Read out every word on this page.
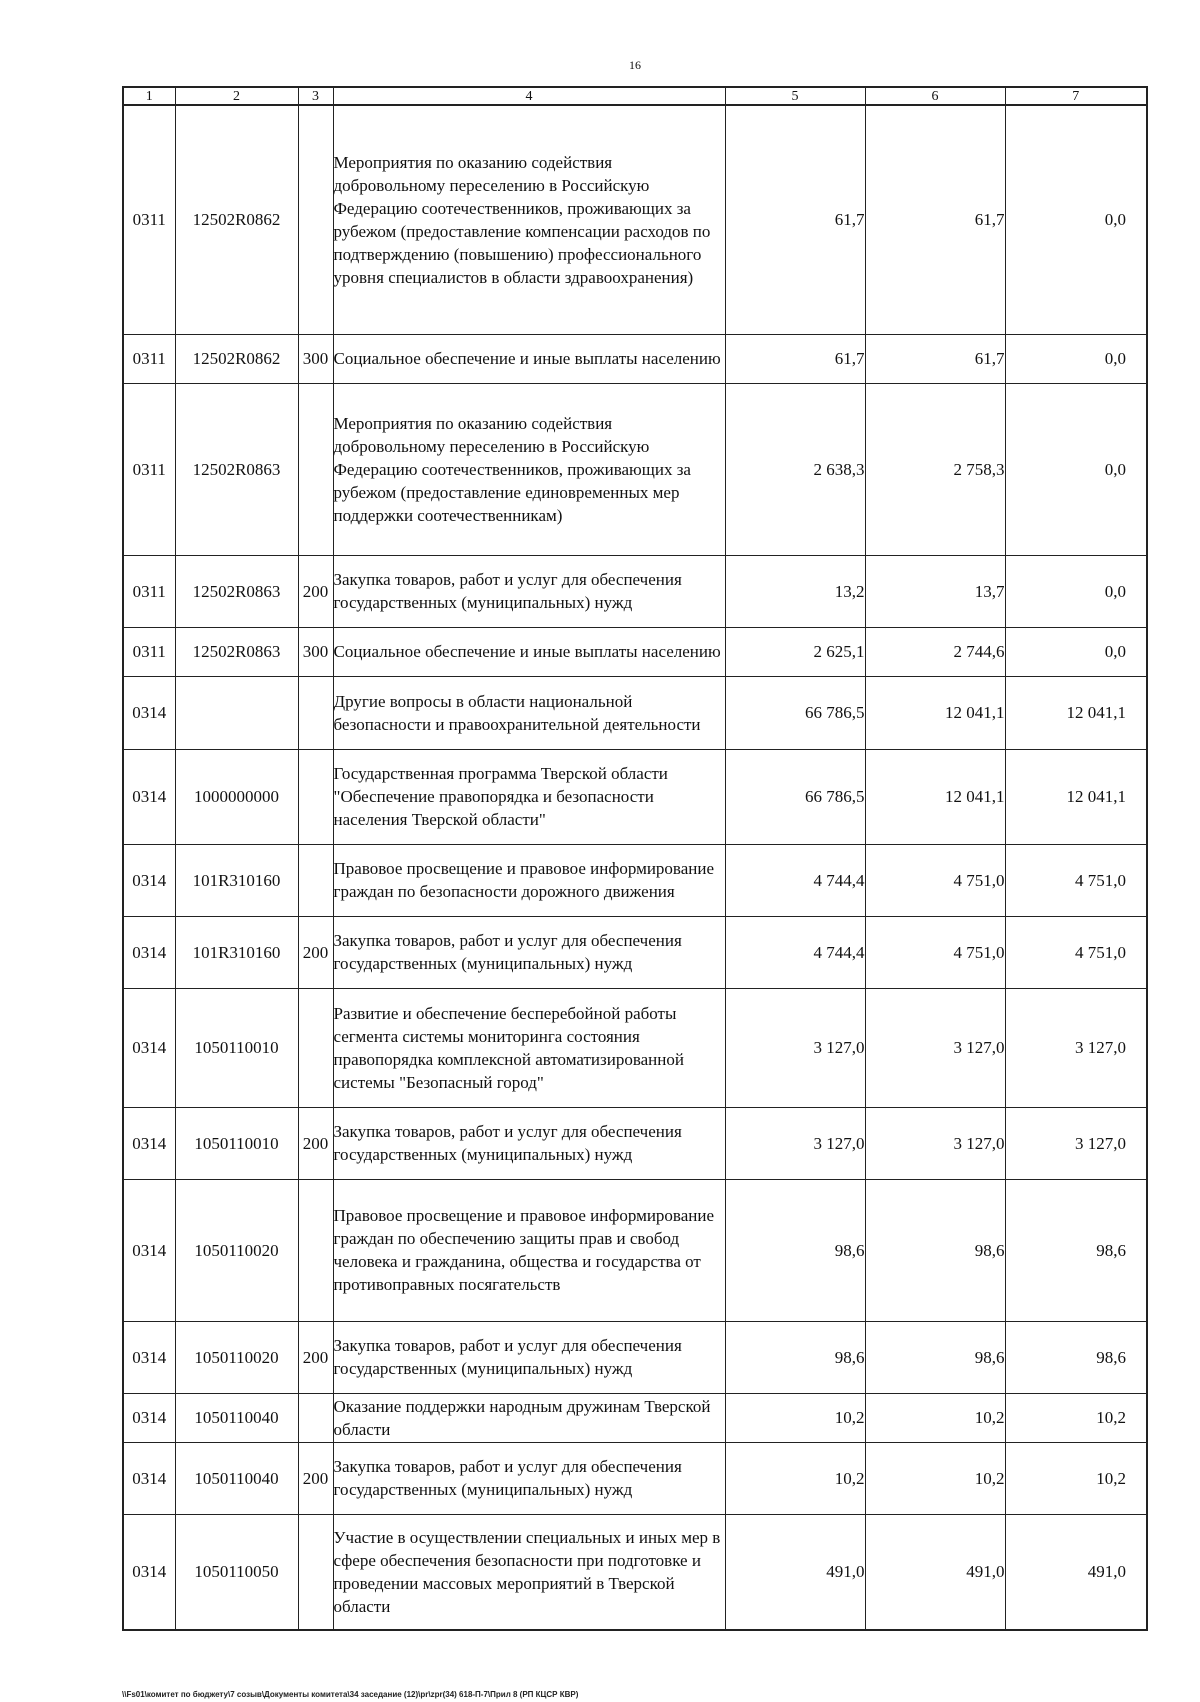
16
1	2	3	4	5	6	7
0311	12502R0862		Мероприятия по оказанию содействия добровольному переселению в Российскую Федерацию соотечественников, проживающих за рубежом (предоставление компенсации расходов по подтверждению (повышению) профессионального уровня специалистов в области здравоохранения)	61,7	61,7	0,0
0311	12502R0862	300	Социальное обеспечение и иные выплаты населению	61,7	61,7	0,0
0311	12502R0863		Мероприятия по оказанию содействия добровольному переселению в Российскую Федерацию соотечественников, проживающих за рубежом (предоставление единовременных мер поддержки соотечественникам)	2 638,3	2 758,3	0,0
0311	12502R0863	200	Закупка товаров, работ и услуг для обеспечения государственных (муниципальных) нужд	13,2	13,7	0,0
0311	12502R0863	300	Социальное обеспечение и иные выплаты населению	2 625,1	2 744,6	0,0
0314			Другие вопросы в области национальной безопасности и правоохранительной деятельности	66 786,5	12 041,1	12 041,1
0314	1000000000		Государственная программа Тверской области "Обеспечение правопорядка и безопасности населения Тверской области"	66 786,5	12 041,1	12 041,1
0314	101R310160		Правовое просвещение и правовое информирование граждан по безопасности дорожного движения	4 744,4	4 751,0	4 751,0
0314	101R310160	200	Закупка товаров, работ и услуг для обеспечения государственных (муниципальных) нужд	4 744,4	4 751,0	4 751,0
0314	1050110010		Развитие и обеспечение бесперебойной работы сегмента системы мониторинга состояния правопорядка комплексной автоматизированной системы "Безопасный город"	3 127,0	3 127,0	3 127,0
0314	1050110010	200	Закупка товаров, работ и услуг для обеспечения государственных (муниципальных) нужд	3 127,0	3 127,0	3 127,0
0314	1050110020		Правовое просвещение и правовое информирование граждан по обеспечению защиты прав и свобод человека и гражданина, общества и государства от противоправных посягательств	98,6	98,6	98,6
0314	1050110020	200	Закупка товаров, работ и услуг для обеспечения государственных (муниципальных) нужд	98,6	98,6	98,6
0314	1050110040		Оказание поддержки народным дружинам Тверской области	10,2	10,2	10,2
0314	1050110040	200	Закупка товаров, работ и услуг для обеспечения государственных (муниципальных) нужд	10,2	10,2	10,2
0314	1050110050		Участие в осуществлении специальных и иных мер в сфере обеспечения безопасности при подготовке и проведении массовых мероприятий в Тверской области	491,0	491,0	491,0
\\Fs01\комитет по бюджету\7 созыв\Документы комитета\34 заседание (12)\pr\zpr(34) 618-П-7\Прил 8 (РП КЦСР КВР)
